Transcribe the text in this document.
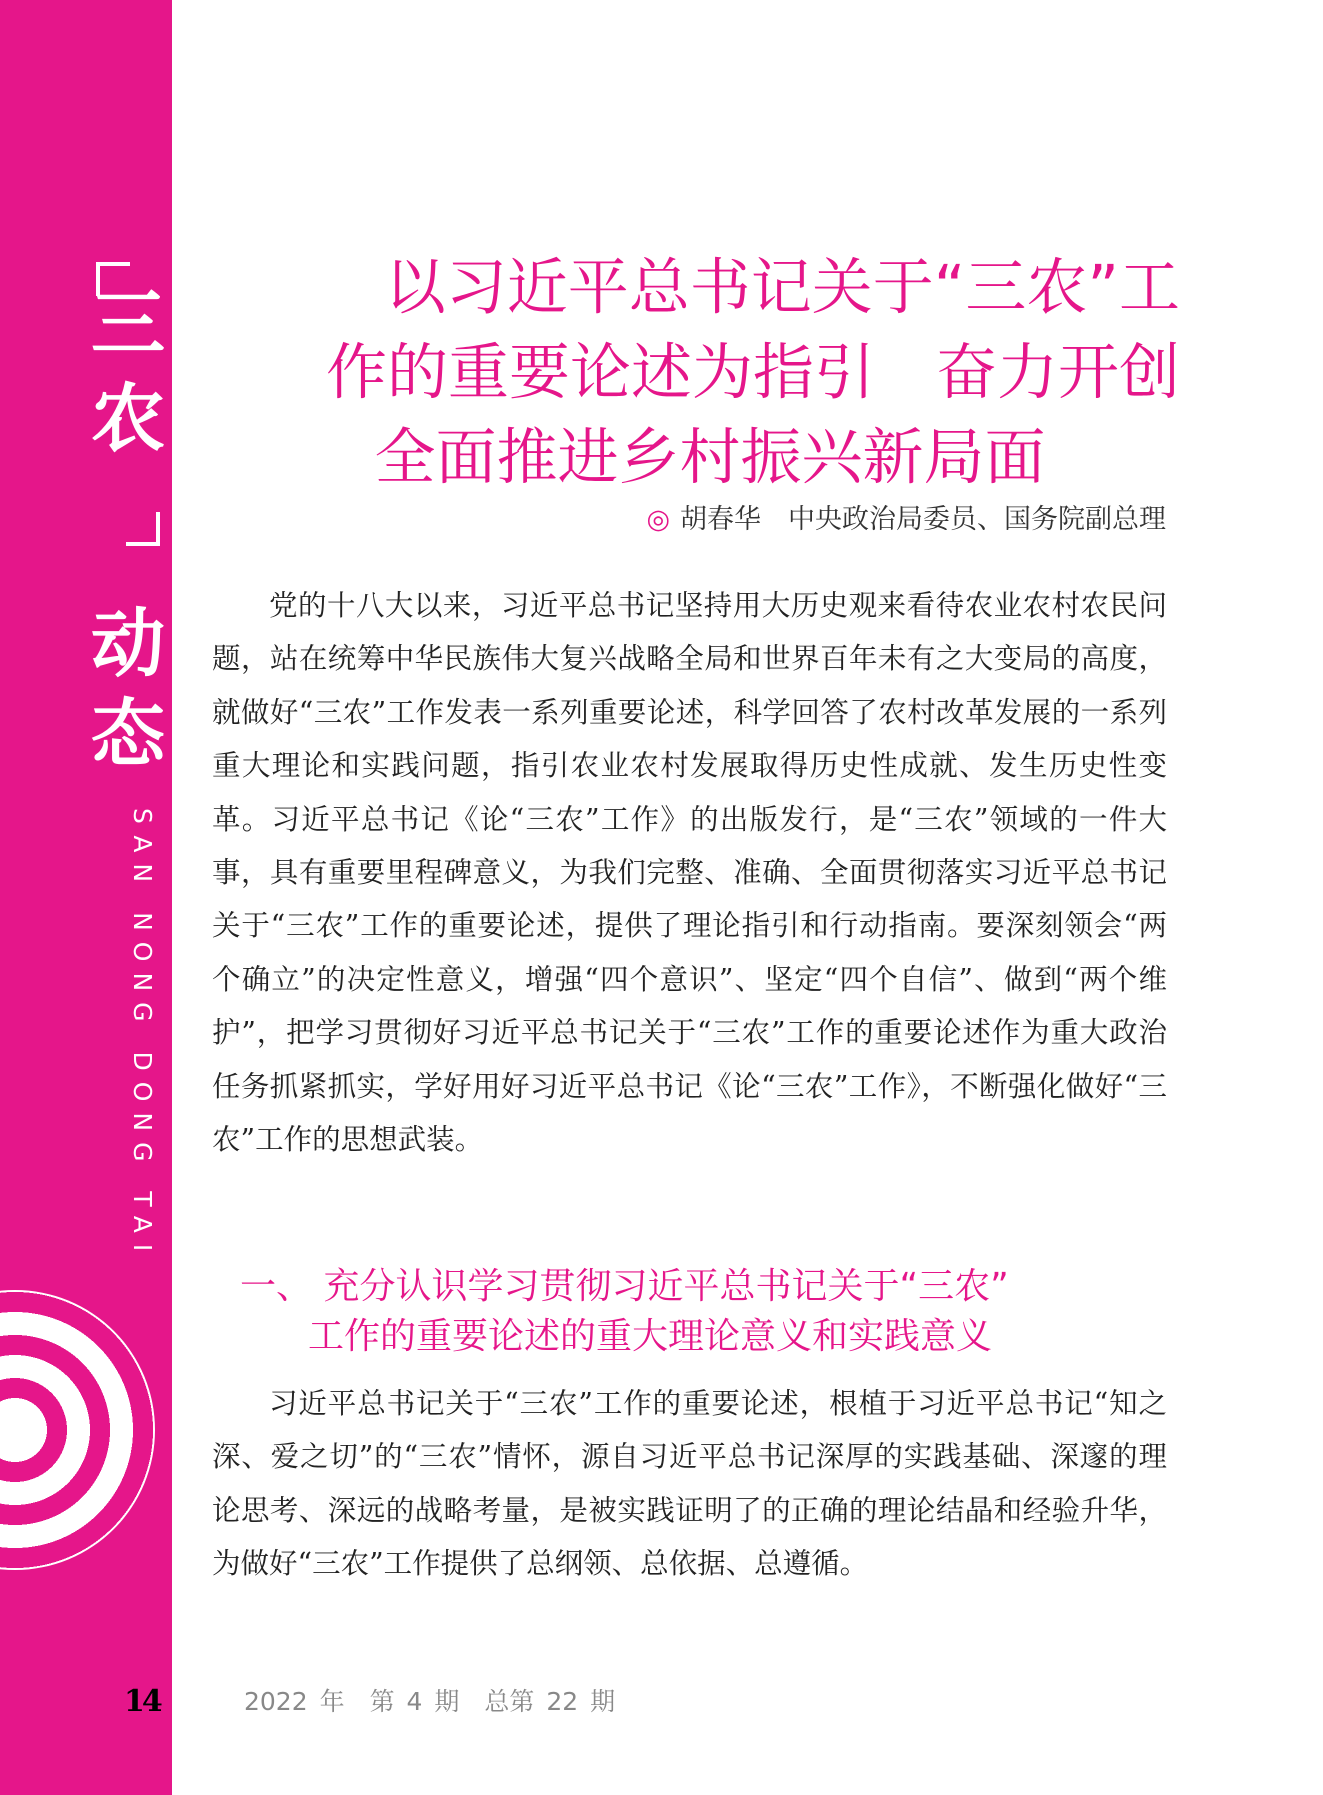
三
农
动
态
SAN NONG DONG TAI
14
以习近平总书记关于“三农”工
作的重要论述为指引　奋力开创
全面推进乡村振兴新局面
◎ 胡春华　中央政治局委员、国务院副总理

党的十八大以来，习近平总书记坚持用大历史观来看待农业农村农民问题，站在统筹中华民族伟大复兴战略全局和世界百年未有之大变局的高度，就做好“三农”工作发表一系列重要论述，科学回答了农村改革发展的一系列重大理论和实践问题，指引农业农村发展取得历史性成就、发生历史性变革。习近平总书记《论“三农”工作》的出版发行，是“三农”领域的一件大事，具有重要里程碑意义，为我们完整、准确、全面贯彻落实习近平总书记关于“三农”工作的重要论述，提供了理论指引和行动指南。要深刻领会“两个确立”的决定性意义，增强“四个意识”、坚定“四个自信”、做到“两个维护”，把学习贯彻好习近平总书记关于“三农”工作的重要论述作为重大政治任务抓紧抓实，学好用好习近平总书记《论“三农”工作》，不断强化做好“三农”工作的思想武装。

一、 充分认识学习贯彻习近平总书记关于“三农”
工作的重要论述的重大理论意义和实践意义

习近平总书记关于“三农”工作的重要论述，根植于习近平总书记“知之深、爱之切”的“三农”情怀，源自习近平总书记深厚的实践基础、深邃的理论思考、深远的战略考量，是被实践证明了的正确的理论结晶和经验升华，为做好“三农”工作提供了总纲领、总依据、总遵循。

2022 年　第 4 期　总第 22 期
